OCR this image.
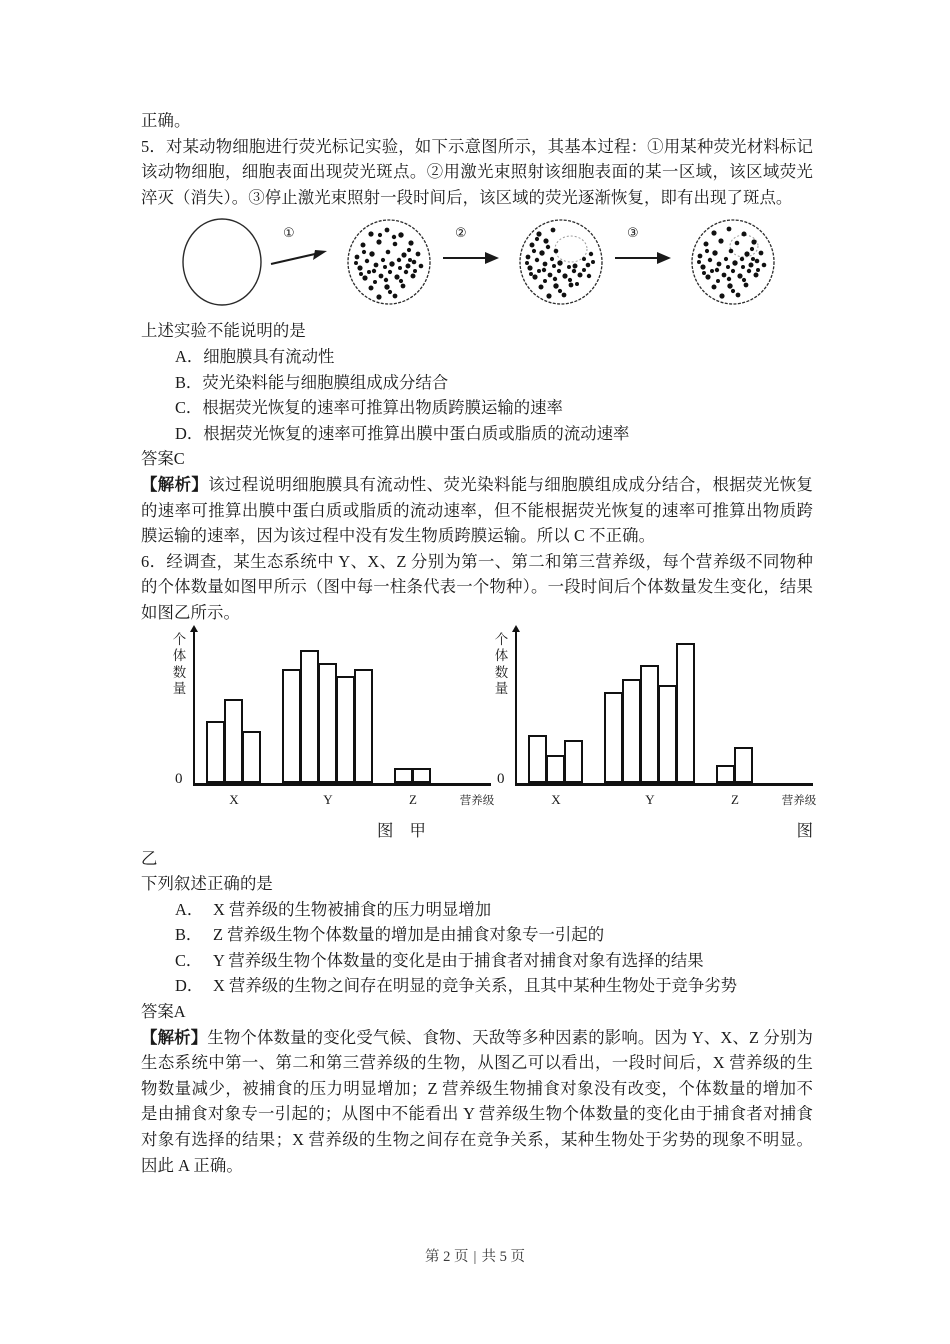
正确。

5．对某动物细胞进行荧光标记实验，如下示意图所示，其基本过程：①用某种荧光材料标记该动物细胞，细胞表面出现荧光斑点。②用激光束照射该细胞表面的某一区域，该区域荧光淬灭（消失）。③停止激光束照射一段时间后，该区域的荧光逐渐恢复，即有出现了斑点。

①	②	③

上述实验不能说明的是

A．细胞膜具有流动性

B．荧光染料能与细胞膜组成成分结合

C．根据荧光恢复的速率可推算出物质跨膜运输的速率

D．根据荧光恢复的速率可推算出膜中蛋白质或脂质的流动速率

答案C

【解析】该过程说明细胞膜具有流动性、荧光染料能与细胞膜组成成分结合，根据荧光恢复的速率可推算出膜中蛋白质或脂质的流动速率，但不能根据荧光恢复的速率可推算出物质跨膜运输的速率，因为该过程中没有发生物质跨膜运输。所以 C 不正确。

6．经调查，某生态系统中 Y、X、Z 分别为第一、第二和第三营养级，每个营养级不同物种的个体数量如图甲所示（图中每一柱条代表一个物种）。一段时间后个体数量发生变化，结果如图乙所示。

个体数量
0
X	Y	Z	营养级
个体数量
0
X	Y	Z	营养级
图 甲	图

乙

下列叙述正确的是

A． X 营养级的生物被捕食的压力明显增加

B． Z 营养级生物个体数量的增加是由捕食对象专一引起的

C． Y 营养级生物个体数量的变化是由于捕食者对捕食对象有选择的结果

D． X 营养级的生物之间存在明显的竞争关系，且其中某种生物处于竞争劣势

答案A

【解析】生物个体数量的变化受气候、食物、天敌等多种因素的影响。因为 Y、X、Z 分别为生态系统中第一、第二和第三营养级的生物，从图乙可以看出，一段时间后，X 营养级的生物数量减少，被捕食的压力明显增加；Z 营养级生物捕食对象没有改变，个体数量的增加不是由捕食对象专一引起的；从图中不能看出 Y 营养级生物个体数量的变化由于捕食者对捕食对象有选择的结果；X 营养级的生物之间存在竞争关系，某种生物处于劣势的现象不明显。因此 A 正确。

第 2 页 | 共 5 页
